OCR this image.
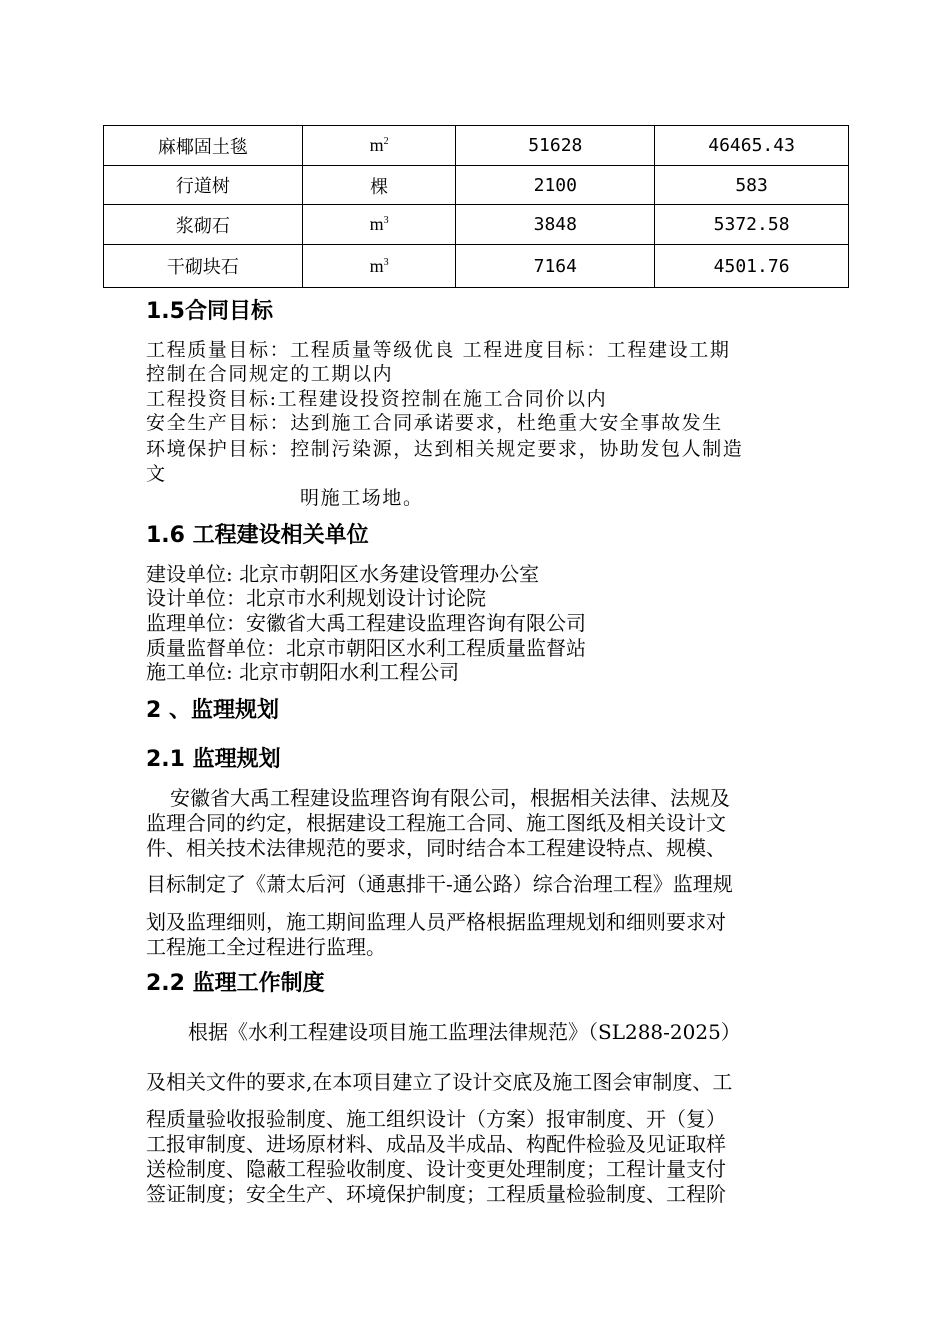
麻椰固土毯	$m^2$	51628	46465.43
行道树	棵	2100	583
浆砌石	$m^3$	3848	5372.58
干砌块石	$m^3$	7164	4501.76
1.5合同目标
工程质量目标：工程质量等级优良 工程进度目标：工程建设工期
控制在合同规定的工期以内
工程投资目标:工程建设投资控制在施工合同价以内
安全生产目标：达到施工合同承诺要求，杜绝重大安全事故发生
环境保护目标：控制污染源，达到相关规定要求，协助发包人制造
文
明施工场地。
1.6 工程建设相关单位
建设单位: 北京市朝阳区水务建设管理办公室
设计单位：北京市水利规划设计讨论院
监理单位：安徽省大禹工程建设监理咨询有限公司
质量监督单位：北京市朝阳区水利工程质量监督站
施工单位: 北京市朝阳水利工程公司
2 、监理规划
2.1 监理规划
安徽省大禹工程建设监理咨询有限公司，根据相关法律、法规及
监理合同的约定，根据建设工程施工合同、施工图纸及相关设计文
件、相关技术法律规范的要求，同时结合本工程建设特点、规模、
目标制定了《萧太后河（通惠排干-通公路）综合治理工程》监理规
划及监理细则，施工期间监理人员严格根据监理规划和细则要求对
工程施工全过程进行监理。
2.2 监理工作制度
根据《水利工程建设项目施工监理法律规范》（SL288-2025）
及相关文件的要求,在本项目建立了设计交底及施工图会审制度、工
程质量验收报验制度、施工组织设计（方案）报审制度、开（复）
工报审制度、进场原材料、成品及半成品、构配件检验及见证取样
送检制度、隐蔽工程验收制度、设计变更处理制度；工程计量支付
签证制度；安全生产、环境保护制度；工程质量检验制度、工程阶
